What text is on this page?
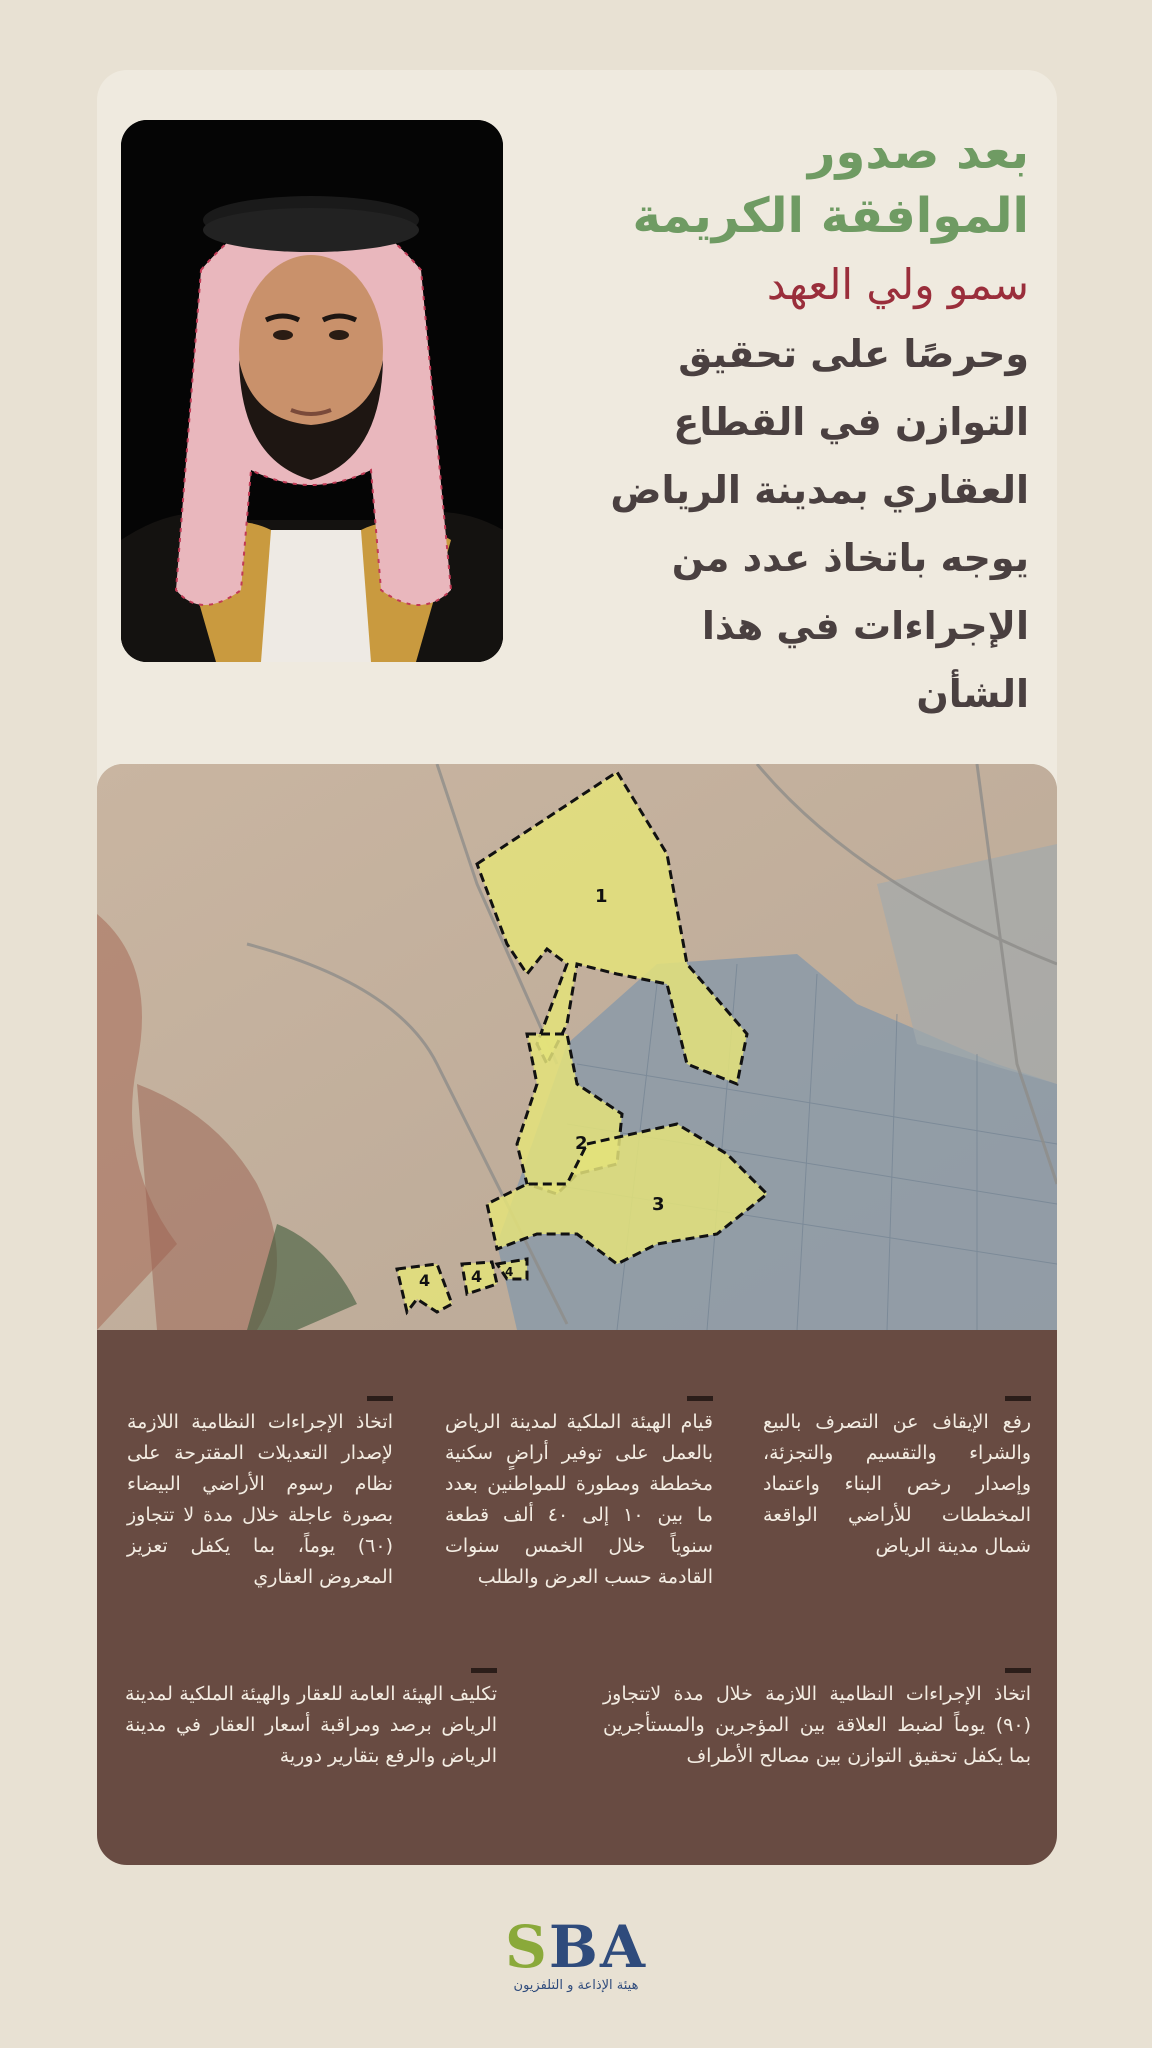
بعد صدور الموافقة الكريمة

سمو ولي العهد

وحرصًا على تحقيق التوازن في القطاع العقاري بمدينة الرياض يوجه باتخاذ عدد من الإجراءات في هذا الشأن

1
2
3
4	4 4
رفع الإيقاف عن التصرف بالبيع والشراء والتقسيم والتجزئة، وإصدار رخص البناء واعتماد المخططات للأراضي الواقعة شمال مدينة الرياض
قيام الهيئة الملكية لمدينة الرياض بالعمل على توفير أراضٍ سكنية مخططة ومطورة للمواطنين بعدد ما بين ١٠ إلى ٤٠ ألف قطعة سنوياً خلال الخمس سنوات القادمة حسب العرض والطلب
اتخاذ الإجراءات النظامية اللازمة لإصدار التعديلات المقترحة على نظام رسوم الأراضي البيضاء بصورة عاجلة خلال مدة لا تتجاوز (٦٠) يوماً، بما يكفل تعزيز المعروض العقاري
اتخاذ الإجراءات النظامية اللازمة خلال مدة لاتتجاوز (٩٠) يوماً لضبط العلاقة بين المؤجرين والمستأجرين بما يكفل تحقيق التوازن بين مصالح الأطراف
تكليف الهيئة العامة للعقار والهيئة الملكية لمدينة الرياض برصد ومراقبة أسعار العقار في مدينة الرياض والرفع بتقارير دورية
SBA
هيئة الإذاعة و التلفزيون
